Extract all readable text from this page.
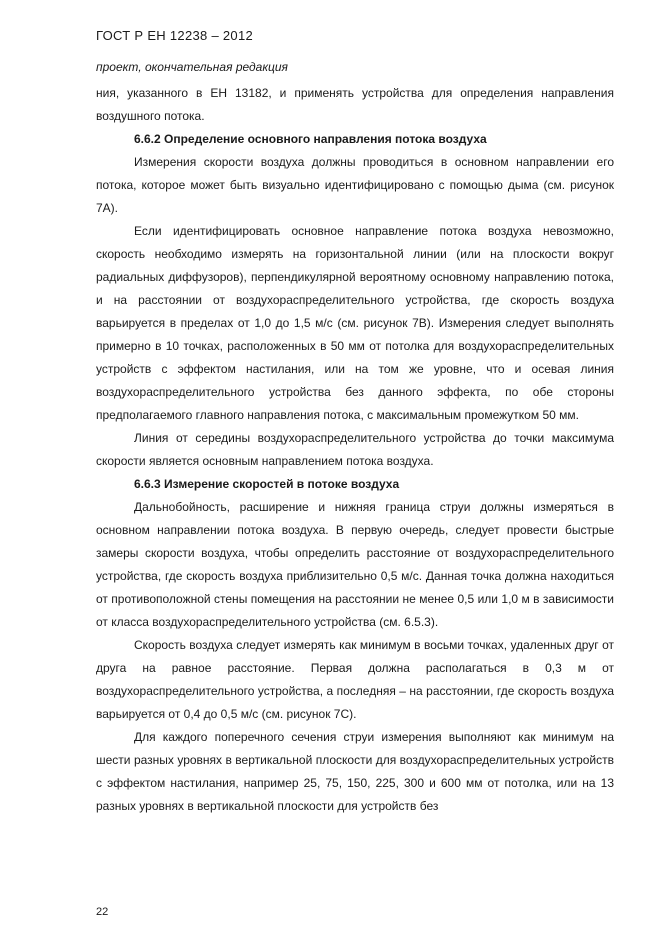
ГОСТ Р ЕН 12238 – 2012
проект, окончательная редакция

ния, указанного в ЕН 13182, и применять устройства для определения направления воздушного потока.

6.6.2 Определение основного направления потока воздуха

Измерения скорости воздуха должны проводиться в основном направлении его потока, которое может быть визуально идентифицировано с помощью дыма (см. рисунок 7А).

Если идентифицировать основное направление потока воздуха невозможно, скорость необходимо измерять на горизонтальной линии (или на плоскости вокруг радиальных диффузоров), перпендикулярной вероятному основному направлению потока, и на расстоянии от воздухораспределительного устройства, где скорость воздуха варьируется в пределах от 1,0 до 1,5 м/с (см. рисунок 7В). Измерения следует выполнять примерно в 10 точках, расположенных в 50 мм от потолка для воздухораспределительных устройств с эффектом настилания, или на том же уровне, что и осевая линия воздухораспределительного устройства без данного эффекта, по обе стороны предполагаемого главного направления потока, с максимальным промежутком 50 мм.

Линия от середины воздухораспределительного устройства до точки максимума скорости является основным направлением потока воздуха.

6.6.3 Измерение скоростей в потоке воздуха

Дальнобойность, расширение и нижняя граница струи должны измеряться в основном направлении потока воздуха. В первую очередь, следует провести быстрые замеры скорости воздуха, чтобы определить расстояние от воздухораспределительного устройства, где скорость воздуха приблизительно 0,5 м/с. Данная точка должна находиться от противоположной стены помещения на расстоянии не менее 0,5 или 1,0 м в зависимости от класса воздухораспределительного устройства (см. 6.5.3).

Скорость воздуха следует измерять как минимум в восьми точках, удаленных друг от друга на равное расстояние. Первая должна располагаться в 0,3 м от воздухораспределительного устройства, а последняя – на расстоянии, где скорость воздуха варьируется от 0,4 до 0,5 м/с (см. рисунок 7С).

Для каждого поперечного сечения струи измерения выполняют как минимум на шести разных уровнях в вертикальной плоскости для воздухораспределительных устройств с эффектом настилания, например 25, 75, 150, 225, 300 и 600 мм от потолка, или на 13 разных уровнях в вертикальной плоскости для устройств без

22
